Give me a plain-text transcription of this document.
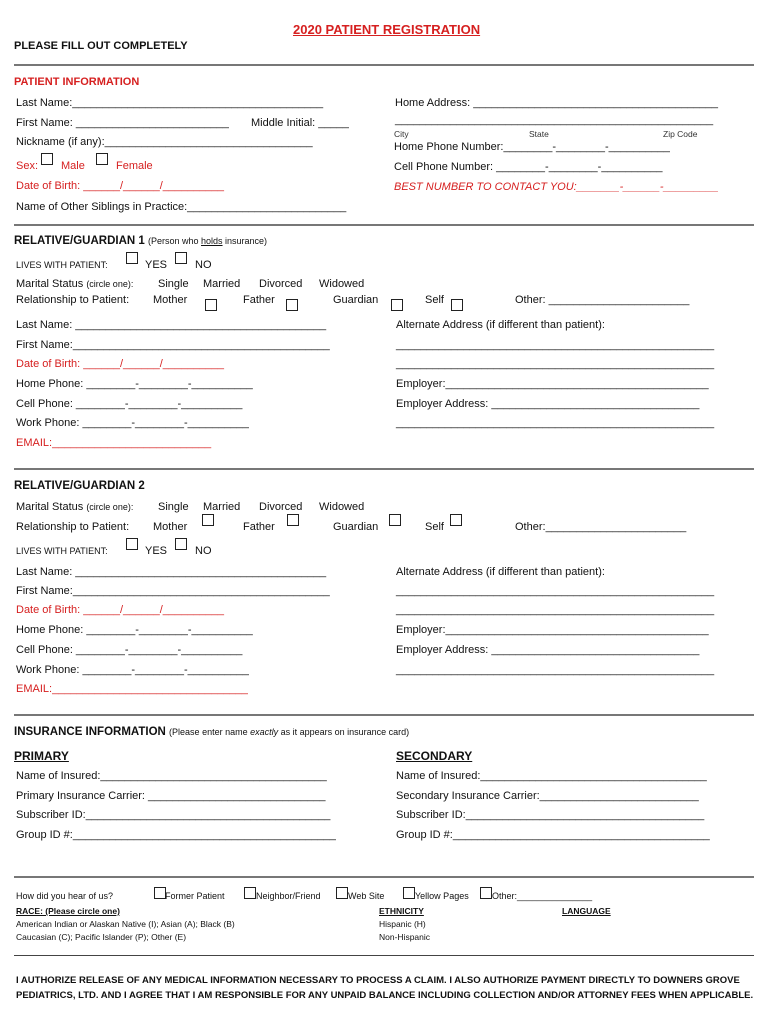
2020 PATIENT REGISTRATION
PLEASE FILL OUT COMPLETELY
PATIENT INFORMATION
Last Name:_________________________________________
First Name: _________________________ Middle Initial: _____
Nickname (if any):__________________________________
Sex: Male	Female
Date of Birth: ______/______/__________
Name of Other Siblings in Practice:__________________________
Home Address: ________________________________________
____________________________________________________
City	State	Zip Code
Home Phone Number:________-________-__________
Cell Phone Number: ________-________-__________
BEST NUMBER TO CONTACT YOU:_______-______-_________
RELATIVE/GUARDIAN 1 (Person who holds insurance)
LIVES WITH PATIENT:	YES	NO
Marital Status (circle one): Single Married Divorced Widowed
Relationship to Patient: Mother	Father	Guardian	Self	Other: _______________________
Last Name: _________________________________________
First Name:__________________________________________
Date of Birth: ______/______/__________
Home Phone: ________-________-__________
Cell Phone: ________-________-__________
Work Phone: ________-________-__________
EMAIL:__________________________
Alternate Address (if different than patient):
____________________________________________________
____________________________________________________
Employer:___________________________________________
Employer Address: __________________________________
____________________________________________________
RELATIVE/GUARDIAN 2
Marital Status (circle one): Single Married Divorced Widowed
Relationship to Patient: Mother	Father	Guardian	Self	Other:_______________________
LIVES WITH PATIENT:	YES	NO
Last Name: _________________________________________
First Name:__________________________________________
Date of Birth: ______/______/__________
Home Phone: ________-________-__________
Cell Phone: ________-________-__________
Work Phone: ________-________-__________
EMAIL:________________________________
Alternate Address (if different than patient):
____________________________________________________
____________________________________________________
Employer:___________________________________________
Employer Address: __________________________________
____________________________________________________
INSURANCE INFORMATION (Please enter name exactly as it appears on insurance card)
PRIMARY	SECONDARY
Name of Insured:_____________________________________
Primary Insurance Carrier: _____________________________
Subscriber ID:________________________________________
Group ID #:___________________________________________
Name of Insured:_____________________________________
Secondary Insurance Carrier:__________________________
Subscriber ID:_______________________________________
Group ID #:__________________________________________
How did you hear of us?	Former Patient	Neighbor/Friend	Web Site	Yellow Pages	Other:_______________
RACE: (Please circle one)
American Indian or Alaskan Native (I); Asian (A); Black (B)
Caucasian (C); Pacific Islander (P); Other (E)
ETHNICITY
Hispanic (H)
Non-Hispanic
LANGUAGE
I AUTHORIZE RELEASE OF ANY MEDICAL INFORMATION NECESSARY TO PROCESS A CLAIM. I ALSO AUTHORIZE PAYMENT DIRECTLY TO DOWNERS GROVE
PEDIATRICS, LTD. AND I AGREE THAT I AM RESPONSIBLE FOR ANY UNPAID BALANCE INCLUDING COLLECTION AND/OR ATTORNEY FEES WHEN APPLICABLE.
